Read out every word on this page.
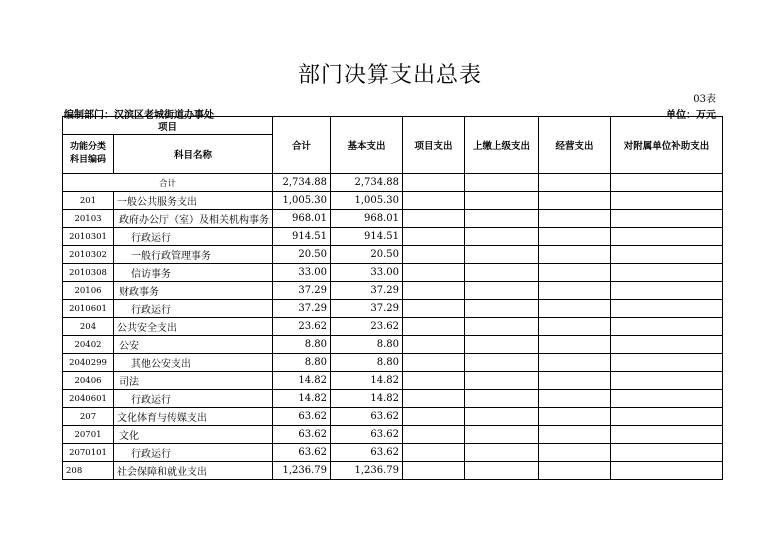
部门决算支出总表
03表
编制部门：汉滨区老城街道办事处	单位：万元
项目		合计	基本支出	项目支出	上缴上级支出	经营支出	对附属单位补助支出
功能分类科目编码	科目名称						
合计		2,734.88	2,734.88				
201	一般公共服务支出	1,005.30	1,005.30				
20103	政府办公厅（室）及相关机构事务	968.01	968.01				
2010301	行政运行	914.51	914.51				
2010302	一般行政管理事务	20.50	20.50				
2010308	信访事务	33.00	33.00				
20106	财政事务	37.29	37.29				
2010601	行政运行	37.29	37.29				
204	公共安全支出	23.62	23.62				
20402	公安	8.80	8.80				
2040299	其他公安支出	8.80	8.80				
20406	司法	14.82	14.82				
2040601	行政运行	14.82	14.82				
207	文化体育与传媒支出	63.62	63.62				
20701	文化	63.62	63.62				
2070101	行政运行	63.62	63.62				
208	社会保障和就业支出	1,236.79	1,236.79				
